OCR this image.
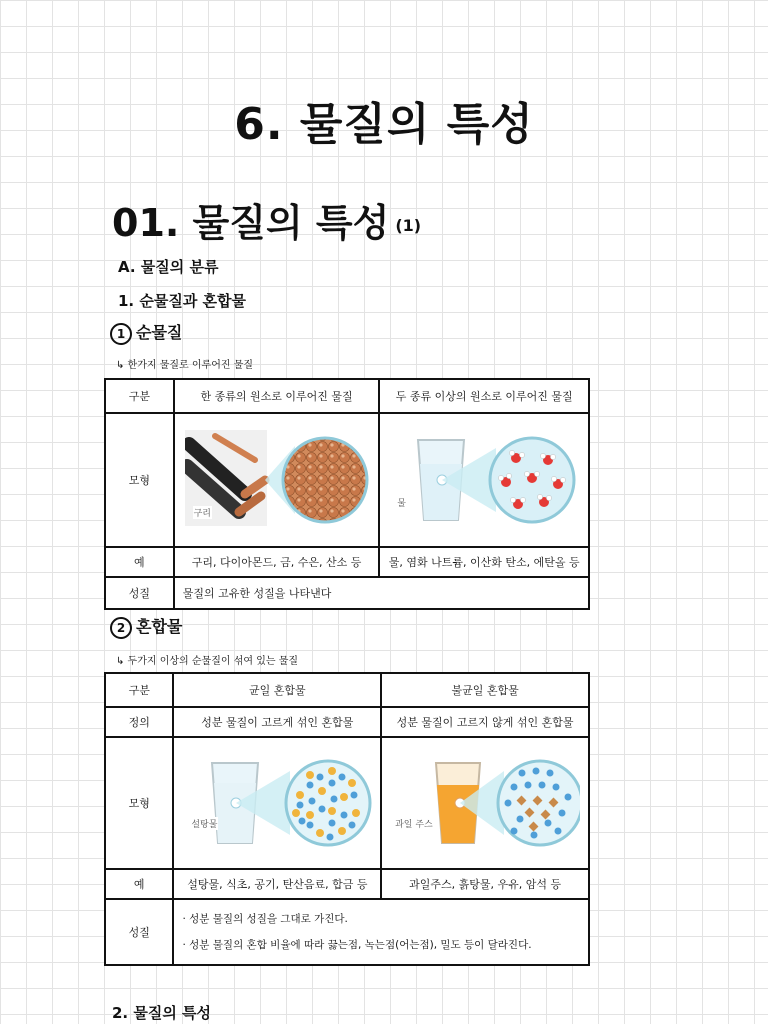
6. 물질의 특성
01. 물질의 특성 (1)
A. 물질의 분류
1. 순물질과 혼합물
1 순물질
↳ 한가지 물질로 이루어진 물질
구분	한 종류의 원소로 이루어진 물질	두 종류 이상의 원소로 이루어진 물질
모형	구리	물

예	구리, 다이아몬드, 금, 수은, 산소 등	물, 염화 나트륨, 이산화 탄소, 에탄올 등
성질	물질의 고유한 성질을 나타낸다	
2 혼합물
↳ 두가지 이상의 순물질이 섞여 있는 물질
구분	균일 혼합물	불균일 혼합물
정의	성분 물질이 고르게 섞인 혼합물	성분 물질이 고르지 않게 섞인 혼합물
모형	설탕물	과일 주스

예	설탕물, 식초, 공기, 탄산음료, 합금 등	과일주스, 흙탕물, 우유, 암석 등
성질	· 성분 물질의 성질을 그대로 가진다.
· 성분 물질의 혼합 비율에 따라 끓는점, 녹는점(어는점), 밀도 등이 달라진다.	
2. 물질의 특성
